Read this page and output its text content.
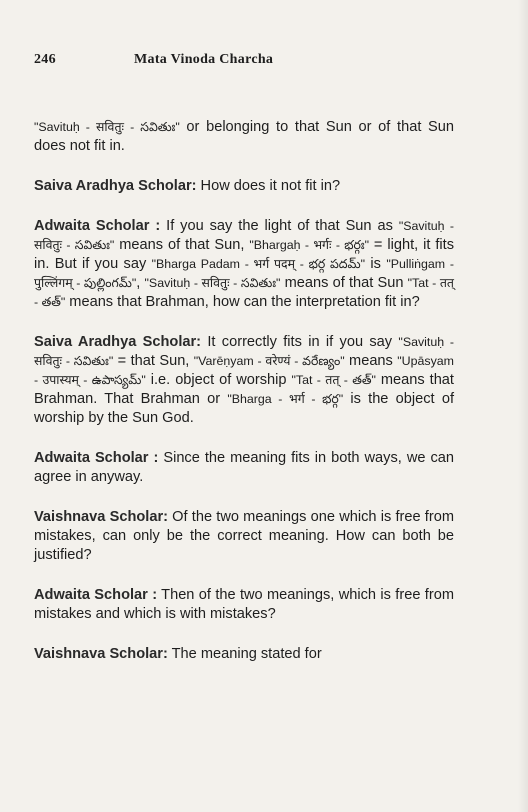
246	Mata Vinoda Charcha

"Savituḥ - सवितुः - సవితుః" or belonging to that Sun or of that Sun does not fit in.

Saiva Aradhya Scholar: How does it not fit in?

Adwaita Scholar : If you say the light of that Sun as "Savituḥ - सवितुः - సవితుః" means of that Sun, "Bhargaḥ - भर्गः - భర్గః" = light, it fits in. But if you say "Bharga Padam - भर्ग पदम् - భర్గ పదమ్" is "Pulliṅgam - पुल्लिंगम् - పుల్లింగమ్", "Savituḥ - सवितुः - సవితుః" means of that Sun "Tat - तत् - తత్" means that Brahman, how can the interpretation fit in?

Saiva Aradhya Scholar: It correctly fits in if you say "Savituḥ - सवितुः - సవితుః" = that Sun, "Varēṇyam - वरेण्यं - వరేణ్యం" means "Upāsyam - उपास्यम् - ఉపాస్యమ్" i.e. object of worship "Tat - तत् - తత్" means that Brahman. That Brahman or "Bharga - भर्ग - భర్గ" is the object of worship by the Sun God.

Adwaita Scholar : Since the meaning fits in both ways, we can agree in anyway.

Vaishnava Scholar: Of the two meanings one which is free from mistakes, can only be the correct meaning. How can both be justified?

Adwaita Scholar : Then of the two meanings, which is free from mistakes and which is with mistakes?

Vaishnava Scholar: The meaning stated for
